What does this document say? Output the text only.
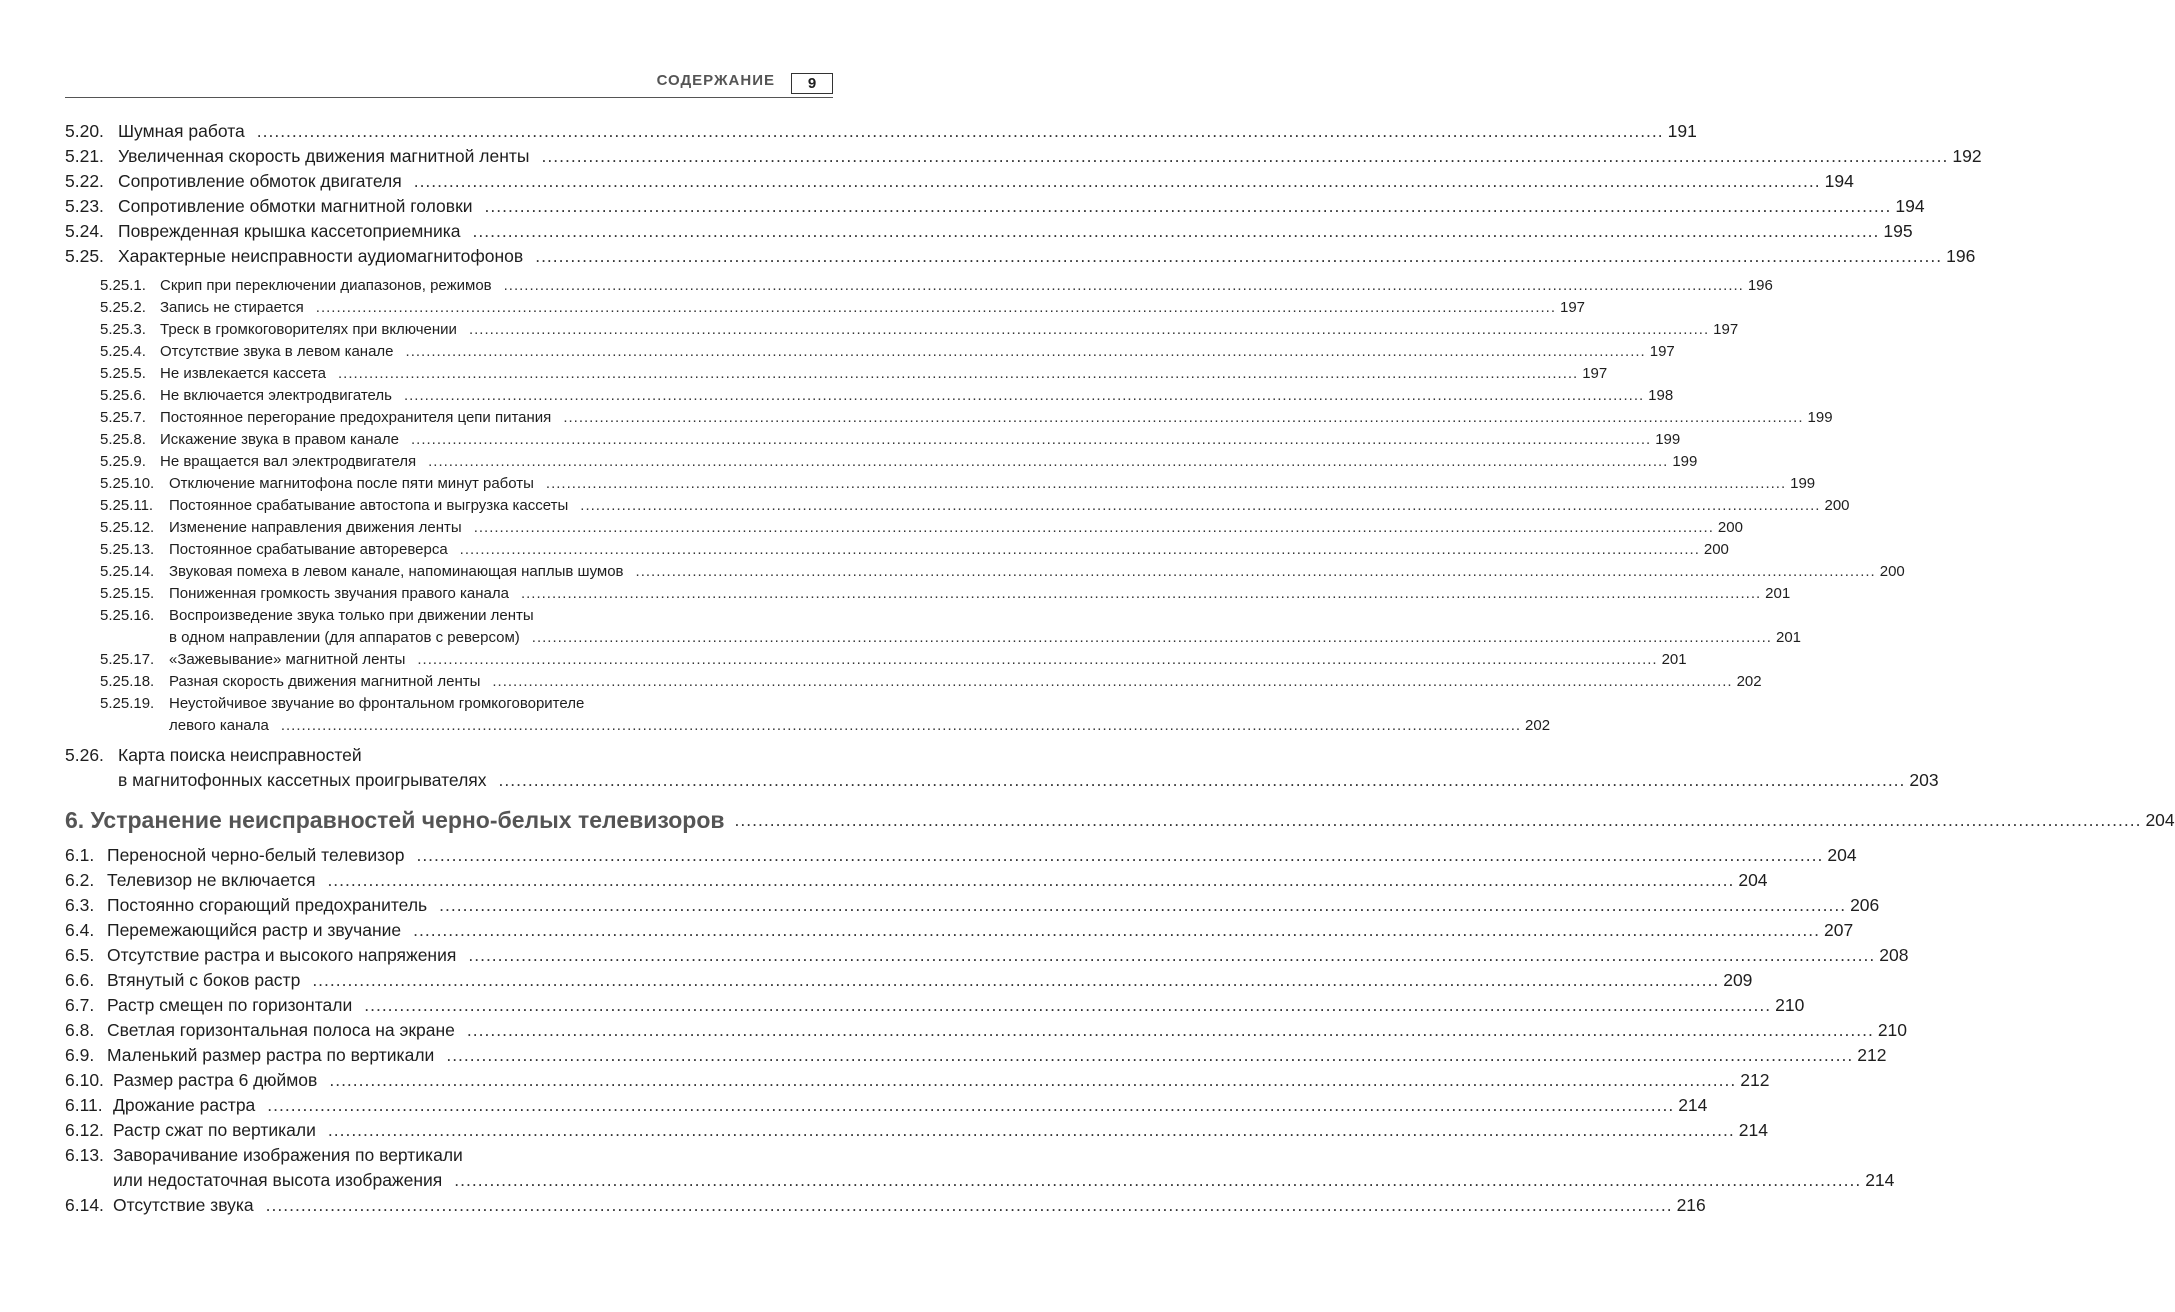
СОДЕРЖАНИЕ	9
5.20. Шумная работа .....	191
5.21. Увеличенная скорость движения магнитной ленты .....	192
5.22. Сопротивление обмоток двигателя .....	194
5.23. Сопротивление обмотки магнитной головки .....	194
5.24. Поврежденная крышка кассетоприемника .....	195
5.25. Характерные неисправности аудиомагнитофонов .....	196
5.25.1. Скрип при переключении диапазонов, режимов .....	196
5.25.2. Запись не стирается .....	197
5.25.3. Треск в громкоговорителях при включении .....	197
5.25.4. Отсутствие звука в левом канале .....	197
5.25.5. Не извлекается кассета .....	197
5.25.6. Не включается электродвигатель .....	198
5.25.7. Постоянное перегорание предохранителя цепи питания .....	199
5.25.8. Искажение звука в правом канале .....	199
5.25.9. Не вращается вал электродвигателя .....	199
5.25.10. Отключение магнитофона после пяти минут работы .....	199
5.25.11.	Постоянное срабатывание автостопа и выгрузка кассеты .....	200
5.25.12. Изменение направления движения ленты .....	200
5.25.13. Постоянное срабатывание автореверса .....	200
5.25.14. Звуковая помеха в левом канале, напоминающая наплыв шумов .....	200
5.25.15. Пониженная громкость звучания правого канала .....	201
5.25.16. Воспроизведение звука только при движении ленты
в одном направлении (для аппаратов с реверсом) .....	201
5.25.17. «Зажевывание» магнитной ленты .....	201
5.25.18. Разная скорость движения магнитной ленты .....	202
5.25.19. Неустойчивое звучание во фронтальном громкоговорителе
левого канала .....	202
5.26. Карта поиска неисправностей
в магнитофонных кассетных проигрывателях .....	203
6. Устранение неисправностей черно-белых телевизоров .....	204
6.1. Переносной черно-белый телевизор .....	204
6.2. Телевизор не включается .....	204
6.3. Постоянно сгорающий предохранитель .....	206
6.4. Перемежающийся растр и звучание .....	207
6.5. Отсутствие растра и высокого напряжения .....	208
6.6. Втянутый с боков растр .....	209
6.7. Растр смещен по горизонтали .....	210
6.8. Светлая горизонтальная полоса на экране .....	210
6.9. Маленький размер растра по вертикали .....	212
6.10. Размер растра 6 дюймов .....	212
6.11. Дрожание растра .....	214
6.12. Растр сжат по вертикали .....	214
6.13. Заворачивание изображения по вертикали
или недостаточная высота изображения .....	214
6.14. Отсутствие звука .....	216
